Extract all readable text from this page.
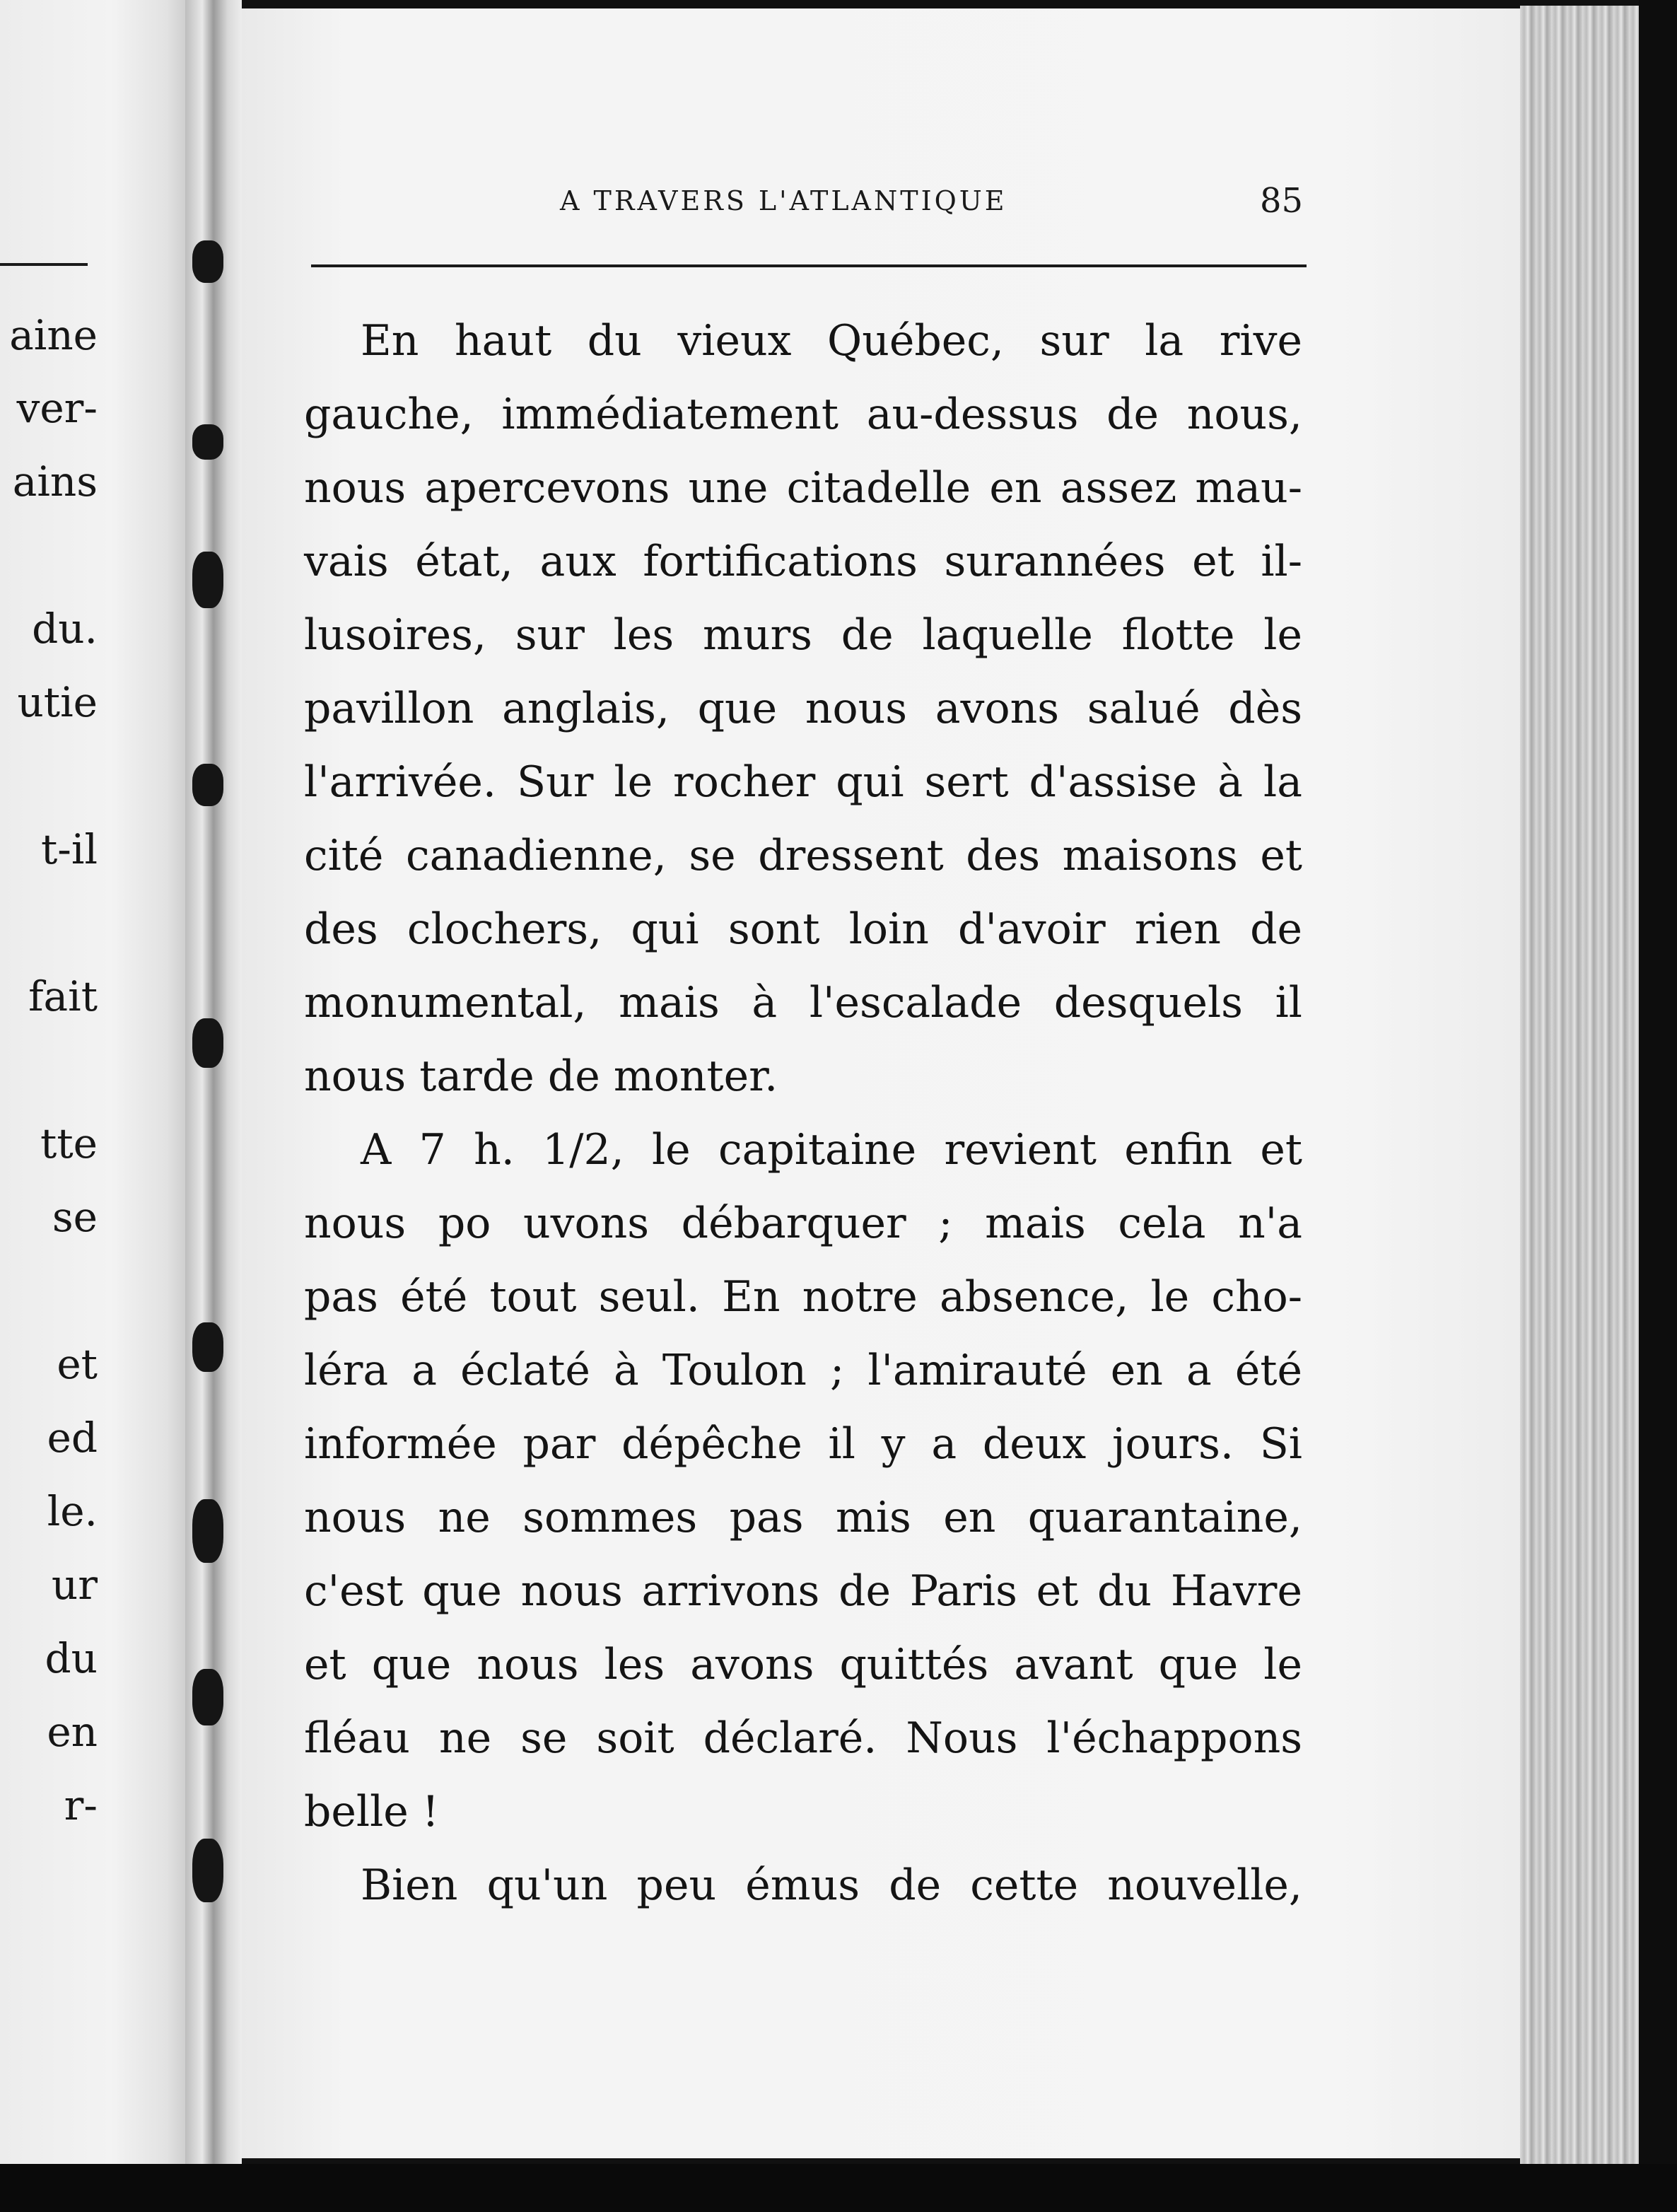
aine
ver-
ains
du.
utie
t-il
fait
tte
se
et
ed
le.
ur
du
en
r-
A TRAVERS L'ATLANTIQUE	85
En haut du vieux Québec, sur la rive
gauche, immédiatement au-dessus de nous,
nous apercevons une citadelle en assez mau-
vais état, aux fortifications surannées et il-
lusoires, sur les murs de laquelle flotte le
pavillon anglais, que nous avons salué dès
l'arrivée. Sur le rocher qui sert d'assise à la
cité canadienne, se dressent des maisons et
des clochers, qui sont loin d'avoir rien de
monumental, mais à l'escalade desquels il
nous tarde de monter.
A 7 h. 1/2, le capitaine revient enfin et
nous po uvons débarquer ; mais cela n'a
pas été tout seul. En notre absence, le cho-
léra a éclaté à Toulon ; l'amirauté en a été
informée par dépêche il y a deux jours. Si
nous ne sommes pas mis en quarantaine,
c'est que nous arrivons de Paris et du Havre
et que nous les avons quittés avant que le
fléau ne se soit déclaré. Nous l'échappons
belle !
Bien qu'un peu émus de cette nouvelle,
